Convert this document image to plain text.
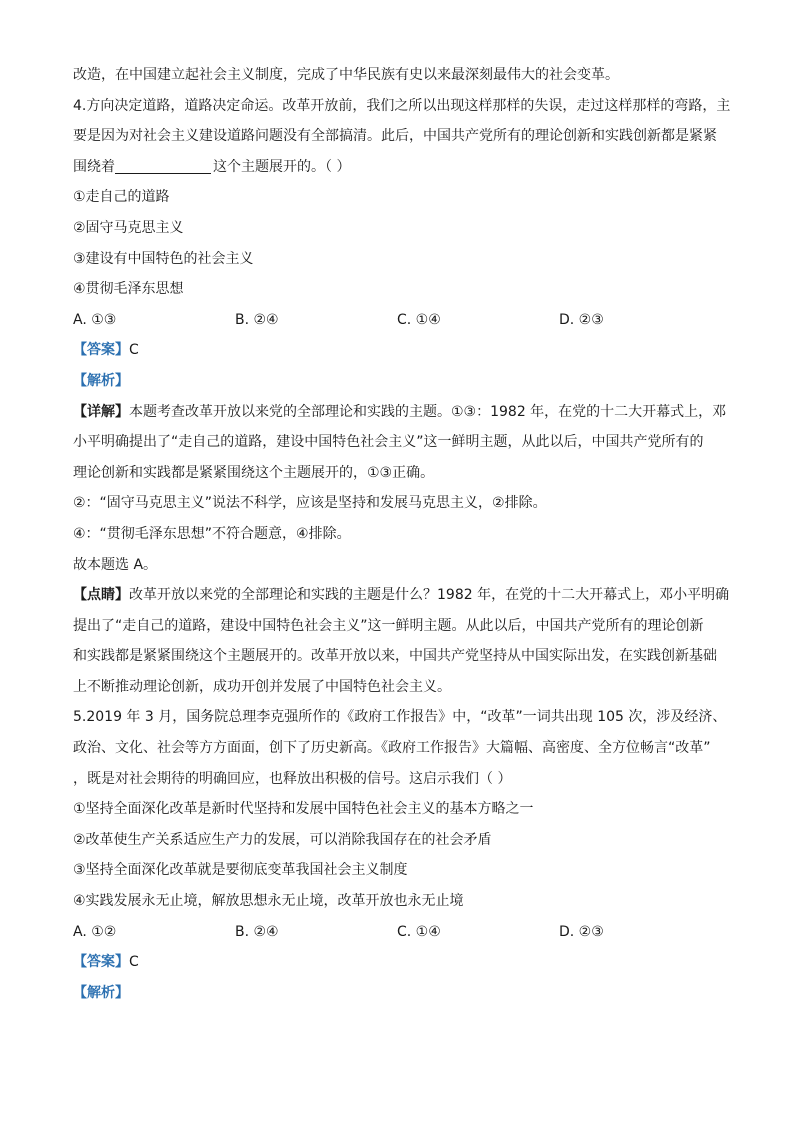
改造，在中国建立起社会主义制度，完成了中华民族有史以来最深刻最伟大的社会变革。
4.方向决定道路，道路决定命运。改革开放前，我们之所以出现这样那样的失误，走过这样那样的弯路，主
要是因为对社会主义建设道路问题没有全部搞清。此后，中国共产党所有的理论创新和实践创新都是紧紧
围绕着	这个主题展开的。（ ）
①走自己的道路
②固守马克思主义
③建设有中国特色的社会主义
④贯彻毛泽东思想
A. ①③	B. ②④	C. ①④	D. ②③
【答案】C
【解析】
【详解】本题考查改革开放以来党的全部理论和实践的主题。①③：1982 年，在党的十二大开幕式上，邓
小平明确提出了“走自己的道路，建设中国特色社会主义”这一鲜明主题，从此以后，中国共产党所有的
理论创新和实践都是紧紧围绕这个主题展开的，①③正确。
②：“固守马克思主义”说法不科学，应该是坚持和发展马克思主义，②排除。
④：“贯彻毛泽东思想”不符合题意，④排除。
故本题选 A。
【点睛】改革开放以来党的全部理论和实践的主题是什么？1982 年，在党的十二大开幕式上，邓小平明确
提出了“走自己的道路，建设中国特色社会主义”这一鲜明主题。从此以后，中国共产党所有的理论创新
和实践都是紧紧围绕这个主题展开的。改革开放以来，中国共产党坚持从中国实际出发，在实践创新基础
上不断推动理论创新，成功开创并发展了中国特色社会主义。
5.2019 年 3 月，国务院总理李克强所作的《政府工作报告》中，“改革”一词共出现 105 次，涉及经济、
政治、文化、社会等方方面面，创下了历史新高。《政府工作报告》大篇幅、高密度、全方位畅言“改革”
，既是对社会期待的明确回应，也释放出积极的信号。这启示我们（ ）
①坚持全面深化改革是新时代坚持和发展中国特色社会主义的基本方略之一
②改革使生产关系适应生产力的发展，可以消除我国存在的社会矛盾
③坚持全面深化改革就是要彻底变革我国社会主义制度
④实践发展永无止境，解放思想永无止境，改革开放也永无止境
A. ①②	B. ②④	C. ①④	D. ②③
【答案】C
【解析】
